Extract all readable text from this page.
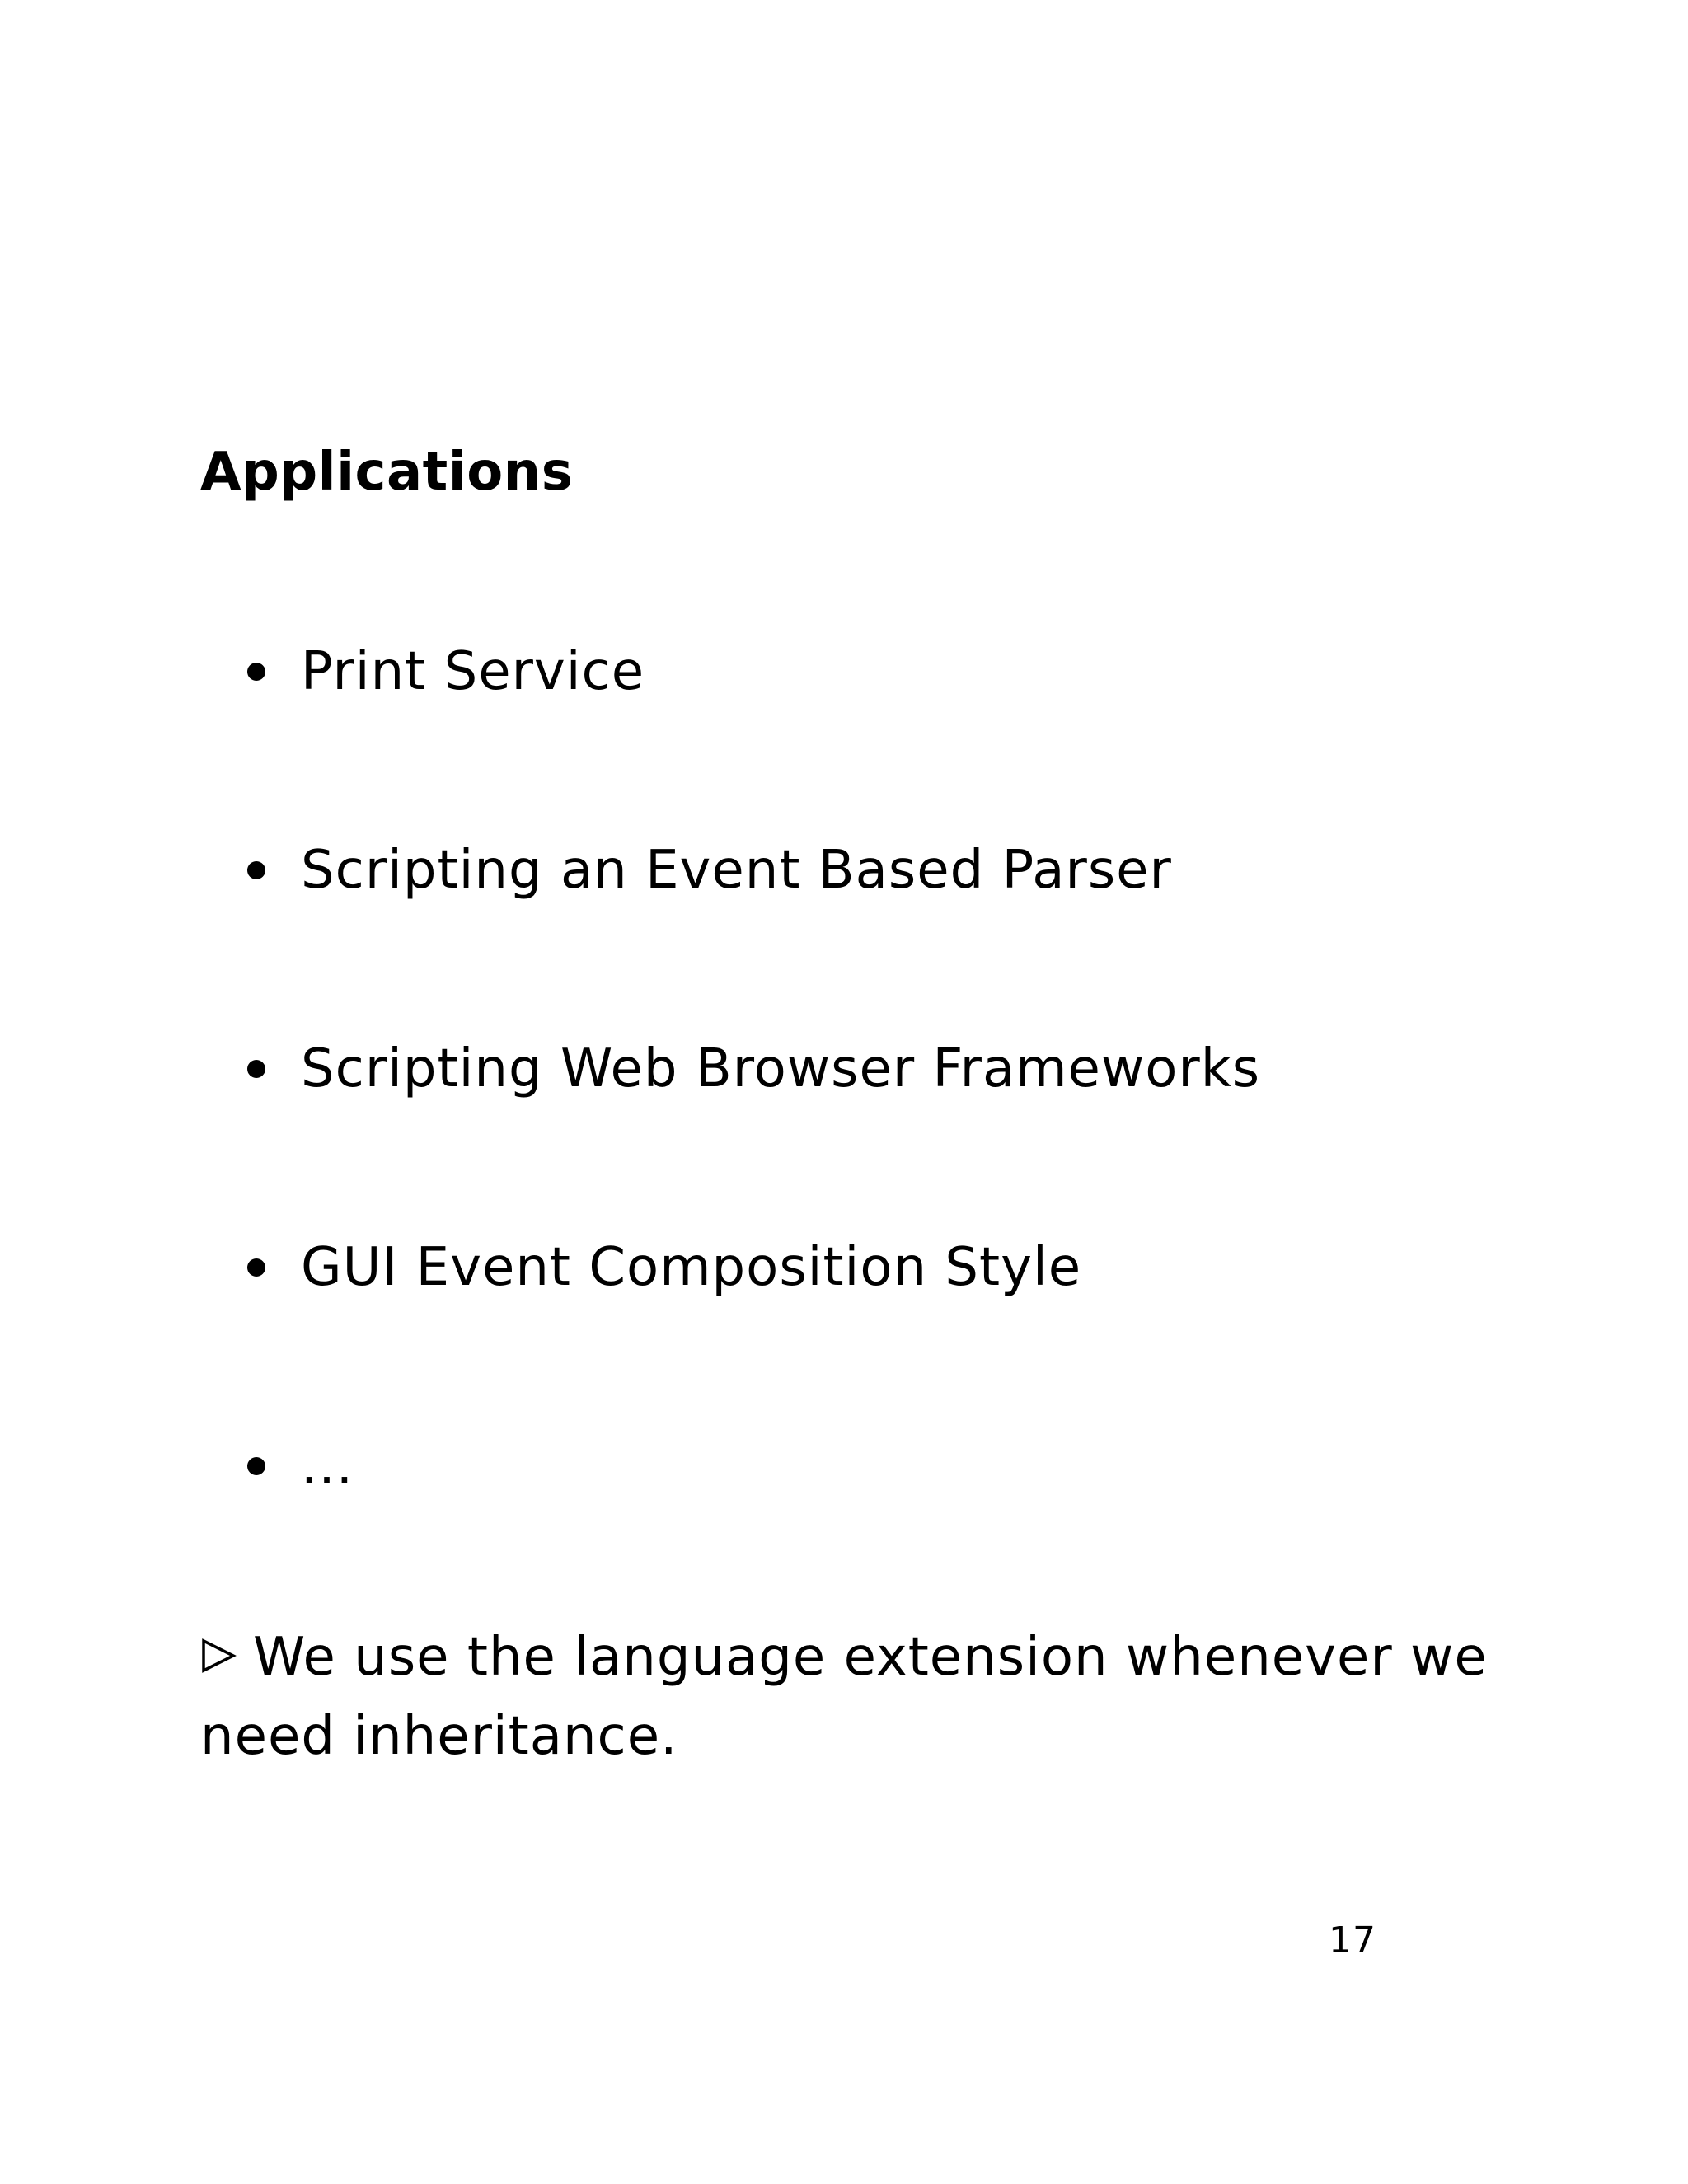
Applications
Print Service
Scripting an Event Based Parser
Scripting Web Browser Frameworks
GUI Event Composition Style
...

We use the language extension whenever we
need inheritance.

17
